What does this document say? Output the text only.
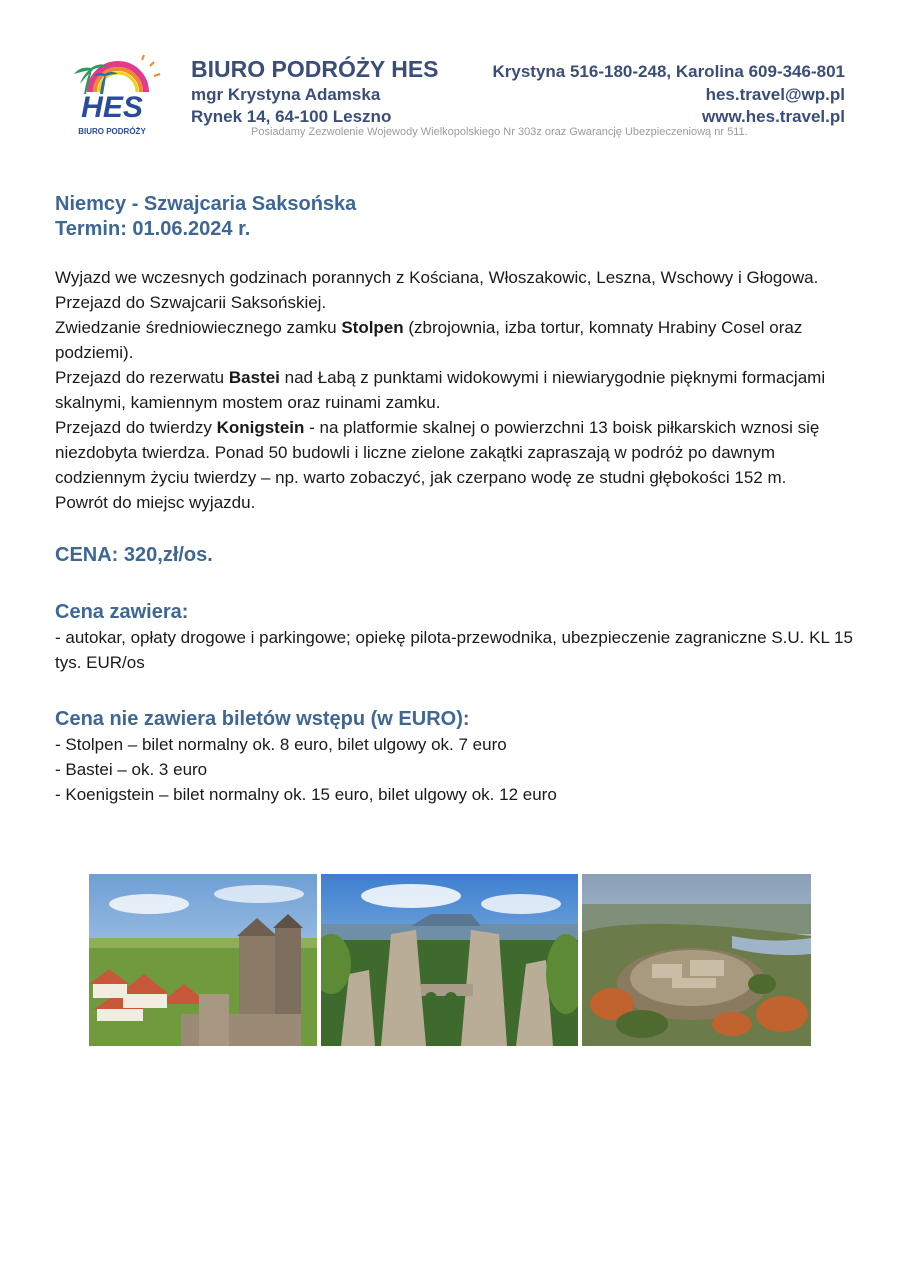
HES
BIURO PODRÓŻY
BIURO PODRÓŻY HES
mgr Krystyna Adamska
Rynek 14, 64-100 Leszno
Krystyna 516-180-248, Karolina 609-346-801
hes.travel@wp.pl
www.hes.travel.pl
Posiadamy Zezwolenie Wojewody Wielkopolskiego Nr 303z oraz Gwarancję Ubezpieczeniową nr 511.
Niemcy - Szwajcaria Saksońska
Termin: 01.06.2024 r.

Wyjazd we wczesnych godzinach porannych z Kościana, Włoszakowic, Leszna, Wschowy i Głogowa.

Przejazd do Szwajcarii Saksońskiej.

Zwiedzanie średniowiecznego zamku Stolpen (zbrojownia, izba tortur, komnaty Hrabiny Cosel oraz podziemi).

Przejazd do rezerwatu Bastei nad Łabą z punktami widokowymi i niewiarygodnie pięknymi formacjami skalnymi, kamiennym mostem oraz ruinami zamku.

Przejazd do twierdzy Konigstein - na platformie skalnej o powierzchni 13 boisk piłkarskich wznosi się niezdobyta twierdza. Ponad 50 budowli i liczne zielone zakątki zapraszają w podróż po dawnym codziennym życiu twierdzy – np. warto zobaczyć, jak czerpano wodę ze studni głębokości 152 m.

Powrót do miejsc wyjazdu.

CENA: 320,zł/os.
Cena zawiera:

- autokar, opłaty drogowe i parkingowe; opiekę pilota-przewodnika, ubezpieczenie zagraniczne S.U. KL 15 tys. EUR/os

Cena nie zawiera biletów wstępu (w EURO):

- Stolpen – bilet normalny ok. 8 euro, bilet ulgowy ok. 7 euro

- Bastei – ok. 3 euro

- Koenigstein – bilet normalny ok. 15 euro, bilet ulgowy ok. 12 euro
